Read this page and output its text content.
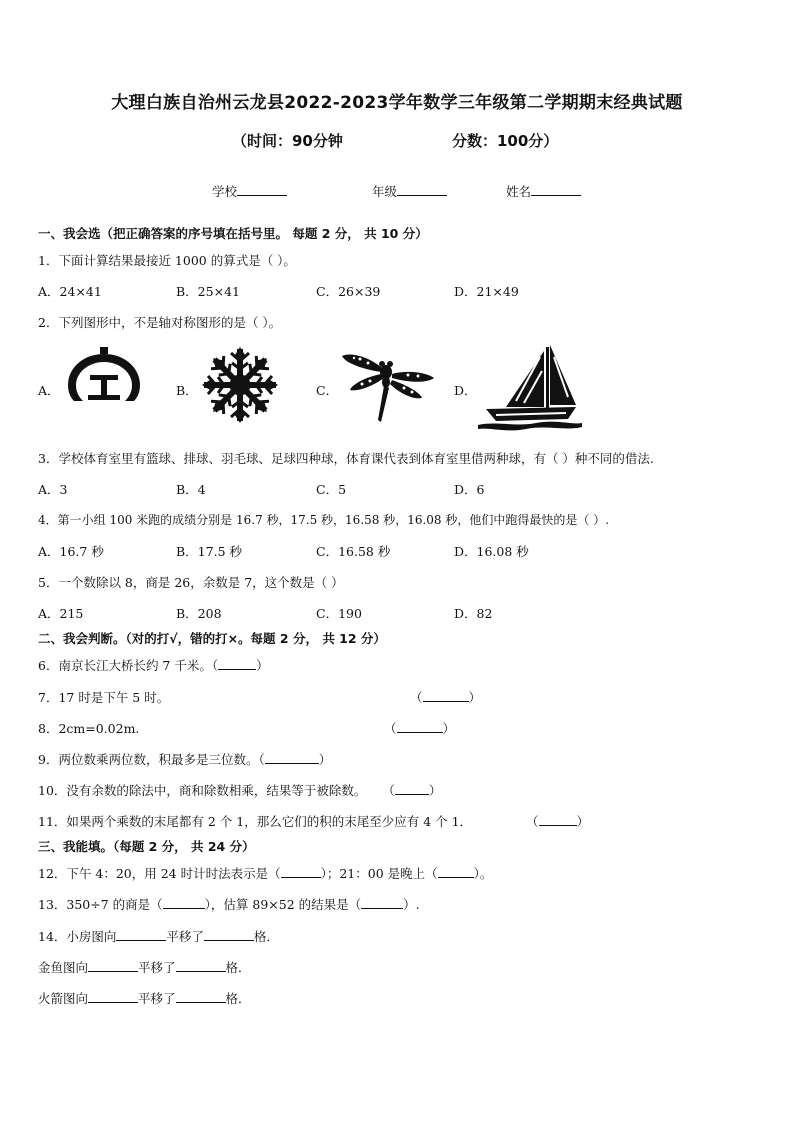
大理白族自治州云龙县2022-2023学年数学三年级第二学期期末经典试题
（时间：90分钟	分数：100分）
学校	年级	姓名
一、我会选（把正确答案的序号填在括号里。 每题 2 分， 共 10 分）
1．下面计算结果最接近 1000 的算式是（ ）。
A．24×41	B．25×41	C．26×39	D．21×49
2．下列图形中，不是轴对称图形的是（ ）。
A．	B．	C．	D．
3．学校体育室里有篮球、排球、羽毛球、足球四种球，体育课代表到体育室里借两种球，有（ ）种不同的借法.
A．3	B．4	C．5	D．6
4．第一小组 100 米跑的成绩分别是 16.7 秒，17.5 秒，16.58 秒，16.08 秒，他们中跑得最快的是（ ）.
A．16.7 秒	B．17.5 秒	C．16.58 秒	D．16.08 秒
5．一个数除以 8，商是 26，余数是 7，这个数是（ ）
A．215	B．208	C．190	D．82
二、我会判断。（对的打√，错的打×。每题 2 分， 共 12 分）
6．南京长江大桥长约 7 千米。（	）
7．17 时是下午 5 时。	（	）
8．2cm=0.02m.	（	）
9．两位数乘两位数，积最多是三位数。（	）
10．没有余数的除法中，商和除数相乘，结果等于被除数。    （	）
11．如果两个乘数的末尾都有 2 个 1，那么它们的积的末尾至少应有 4 个 1．	（	）
三、我能填。（每题 2 分， 共 24 分）
12．下午 4：20，用 24 时计时法表示是（	）；21：00 是晚上（	）。
13．350÷7 的商是（	），估算 89×52 的结果是（	）.
14．小房图向	平移了	格．
金鱼图向	平移了	格．
火箭图向	平移了	格．
